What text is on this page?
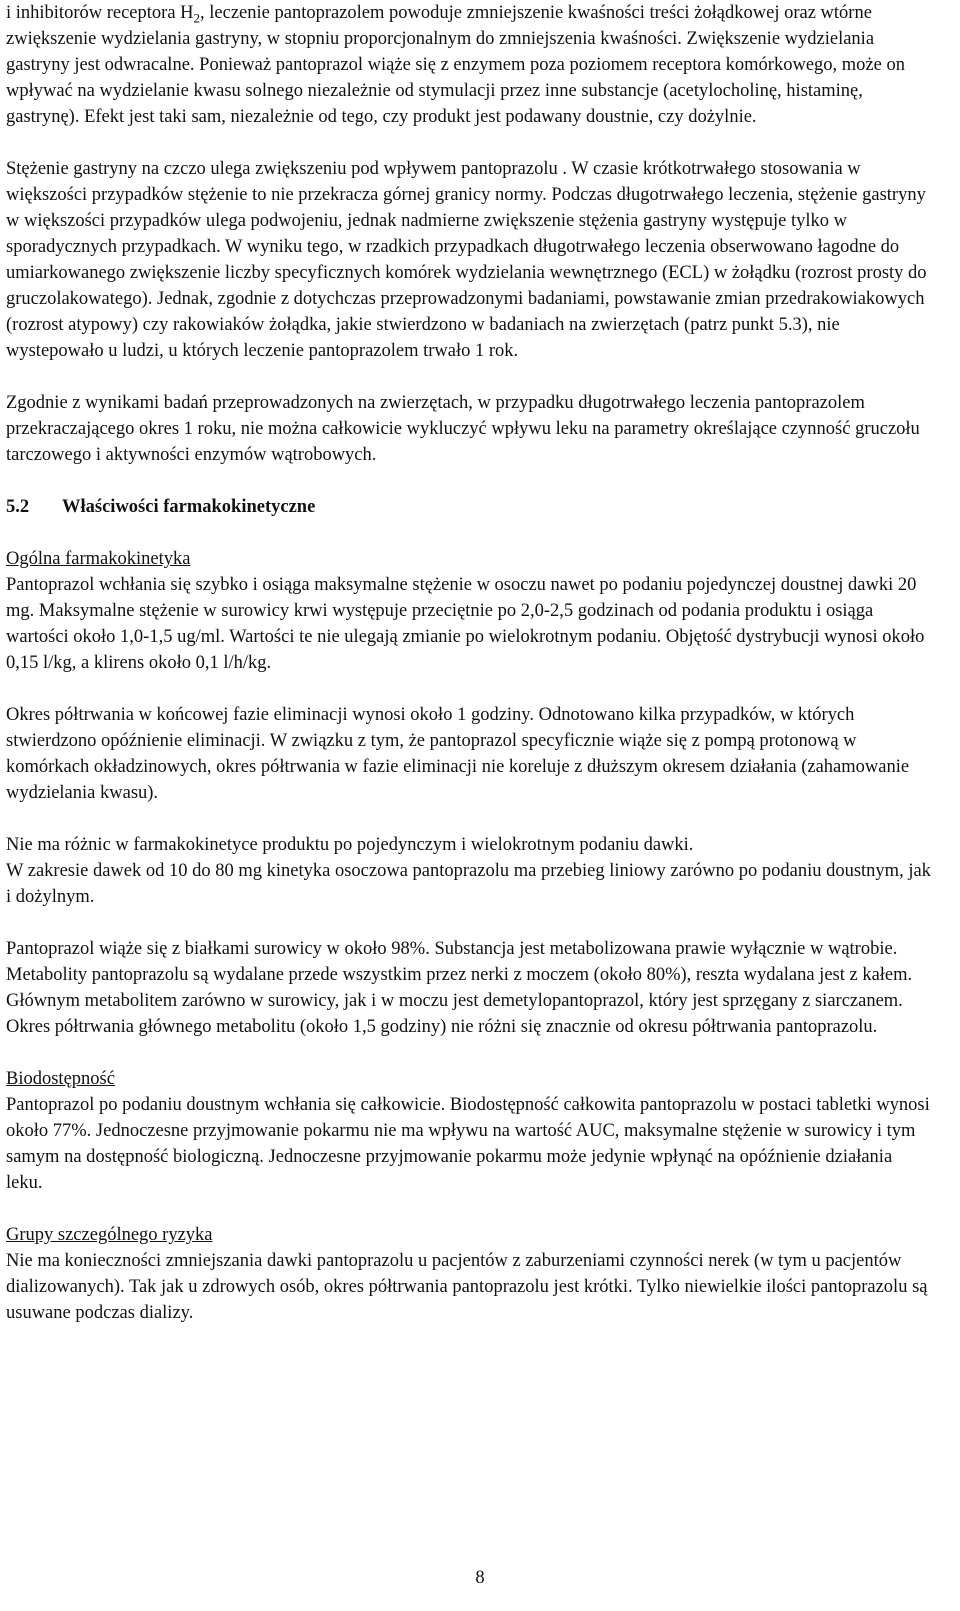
i inhibitorów receptora $H_2$, leczenie pantoprazolem powoduje zmniejszenie kwaśności treści żołądkowej oraz wtórne zwiększenie wydzielania gastryny, w stopniu proporcjonalnym do zmniejszenia kwaśności. Zwiększenie wydzielania gastryny jest odwracalne. Ponieważ pantoprazol wiąże się z enzymem poza poziomem receptora komórkowego, może on wpływać na wydzielanie kwasu solnego niezależnie od stymulacji przez inne substancje (acetylocholinę, histaminę, gastrynę). Efekt jest taki sam, niezależnie od tego, czy produkt jest podawany doustnie, czy dożylnie.

Stężenie gastryny na czczo ulega zwiększeniu pod wpływem pantoprazolu . W czasie krótkotrwałego stosowania w większości przypadków stężenie to nie przekracza górnej granicy normy. Podczas długotrwałego leczenia, stężenie gastryny w większości przypadków ulega podwojeniu, jednak nadmierne zwiększenie stężenia gastryny występuje tylko w sporadycznych przypadkach. W wyniku tego, w rzadkich przypadkach długotrwałego leczenia obserwowano łagodne do umiarkowanego zwiększenie liczby specyficznych komórek wydzielania wewnętrznego (ECL) w żołądku (rozrost prosty do gruczolakowatego). Jednak, zgodnie z dotychczas przeprowadzonymi badaniami, powstawanie zmian przedrakowiakowych (rozrost atypowy) czy rakowiaków żołądka, jakie stwierdzono w badaniach na zwierzętach (patrz punkt 5.3), nie wystepowało u ludzi, u których leczenie pantoprazolem trwało 1 rok.

Zgodnie z wynikami badań przeprowadzonych na zwierzętach, w przypadku długotrwałego leczenia pantoprazolem przekraczającego okres 1 roku, nie można całkowicie wykluczyć wpływu leku na parametry określające czynność gruczołu tarczowego i aktywności enzymów wątrobowych.

5.2 Właściwości farmakokinetyczne

Ogólna farmakokinetyka
Pantoprazol wchłania się szybko i osiąga maksymalne stężenie w osoczu nawet po podaniu pojedynczej doustnej dawki 20 mg. Maksymalne stężenie w surowicy krwi występuje przeciętnie po 2,0-2,5 godzinach od podania produktu i osiąga wartości około 1,0-1,5 ug/ml. Wartości te nie ulegają zmianie po wielokrotnym podaniu. Objętość dystrybucji wynosi około 0,15 l/kg, a klirens około 0,1 l/h/kg.

Okres półtrwania w końcowej fazie eliminacji wynosi około 1 godziny. Odnotowano kilka przypadków, w których stwierdzono opóźnienie eliminacji. W związku z tym, że pantoprazol specyficznie wiąże się z pompą protonową w komórkach okładzinowych, okres półtrwania w fazie eliminacji nie koreluje z dłuższym okresem działania (zahamowanie wydzielania kwasu).

Nie ma różnic w farmakokinetyce produktu po pojedynczym i wielokrotnym podaniu dawki.
W zakresie dawek od 10 do 80 mg kinetyka osoczowa pantoprazolu ma przebieg liniowy zarówno po podaniu doustnym, jak i dożylnym.

Pantoprazol wiąże się z białkami surowicy w około 98%. Substancja jest metabolizowana prawie wyłącznie w wątrobie. Metabolity pantoprazolu są wydalane przede wszystkim przez nerki z moczem (około 80%), reszta wydalana jest z kałem. Głównym metabolitem zarówno w surowicy, jak i w moczu jest demetylopantoprazol, który jest sprzęgany z siarczanem. Okres półtrwania głównego metabolitu (około 1,5 godziny) nie różni się znacznie od okresu półtrwania pantoprazolu.

Biodostępność
Pantoprazol po podaniu doustnym wchłania się całkowicie. Biodostępność całkowita pantoprazolu w postaci tabletki wynosi około 77%. Jednoczesne przyjmowanie pokarmu nie ma wpływu na wartość AUC, maksymalne stężenie w surowicy i tym samym na dostępność biologiczną. Jednoczesne przyjmowanie pokarmu może jedynie wpłynąć na opóźnienie działania leku.

Grupy szczególnego ryzyka
Nie ma konieczności zmniejszania dawki pantoprazolu u pacjentów z zaburzeniami czynności nerek (w tym u pacjentów dializowanych). Tak jak u zdrowych osób, okres półtrwania pantoprazolu jest krótki. Tylko niewielkie ilości pantoprazolu są usuwane podczas dializy.

8
